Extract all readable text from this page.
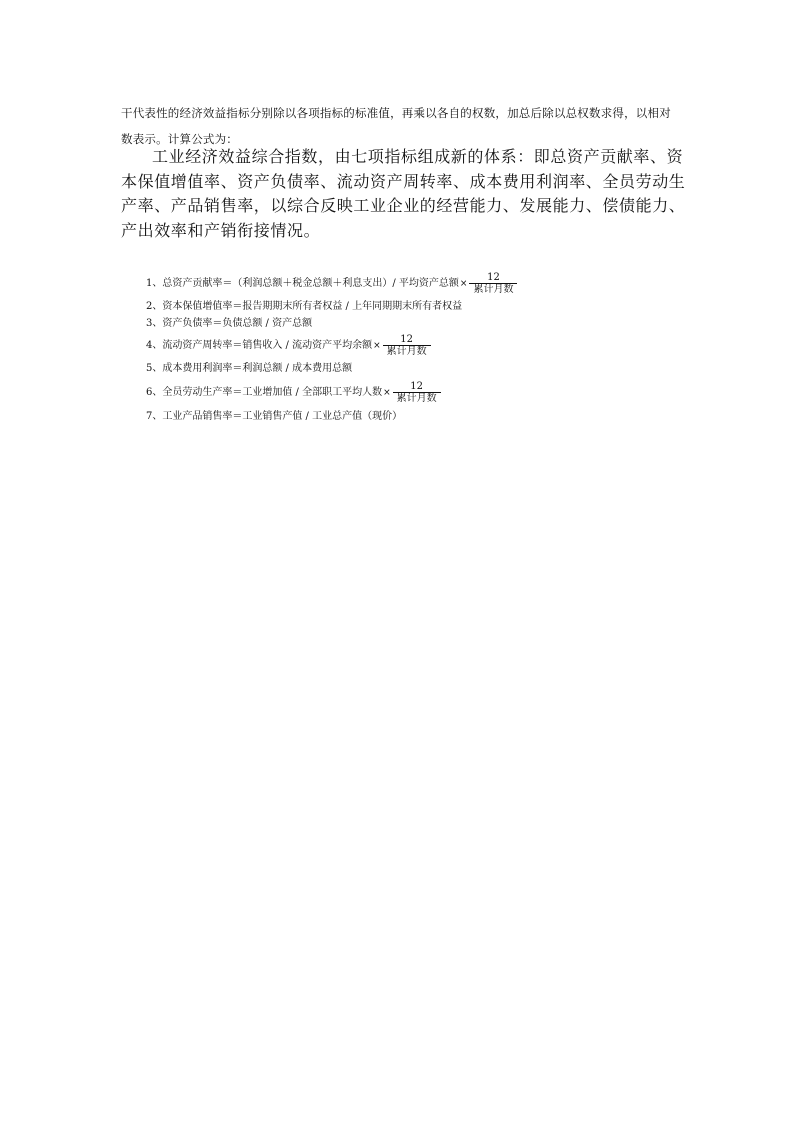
干代表性的经济效益指标分别除以各项指标的标准值，再乘以各自的权数，加总后除以总权数求得，以相对
数表示。计算公式为：
工业经济效益综合指数，由七项指标组成新的体系：即总资产贡献率、资
本保值增值率、资产负债率、流动资产周转率、成本费用利润率、全员劳动生
产率、产品销售率，以综合反映工业企业的经营能力、发展能力、偿债能力、
产出效率和产销衔接情况。
1、总资产贡献率＝（利润总额＋税金总额＋利息支出）/ 平均资产总额 × $\frac{12}{\text{累计月数}}$
2、资本保值增值率＝报告期期末所有者权益 / 上年同期期末所有者权益
3、资产负债率＝负债总额 / 资产总额
4、流动资产周转率＝销售收入 / 流动资产平均余额 × $\frac{12}{\text{累计月数}}$
5、成本费用利润率＝利润总额 / 成本费用总额
6、全员劳动生产率＝工业增加值 / 全部职工平均人数 × $\frac{12}{\text{累计月数}}$
7、工业产品销售率＝工业销售产值 / 工业总产值（现价）
